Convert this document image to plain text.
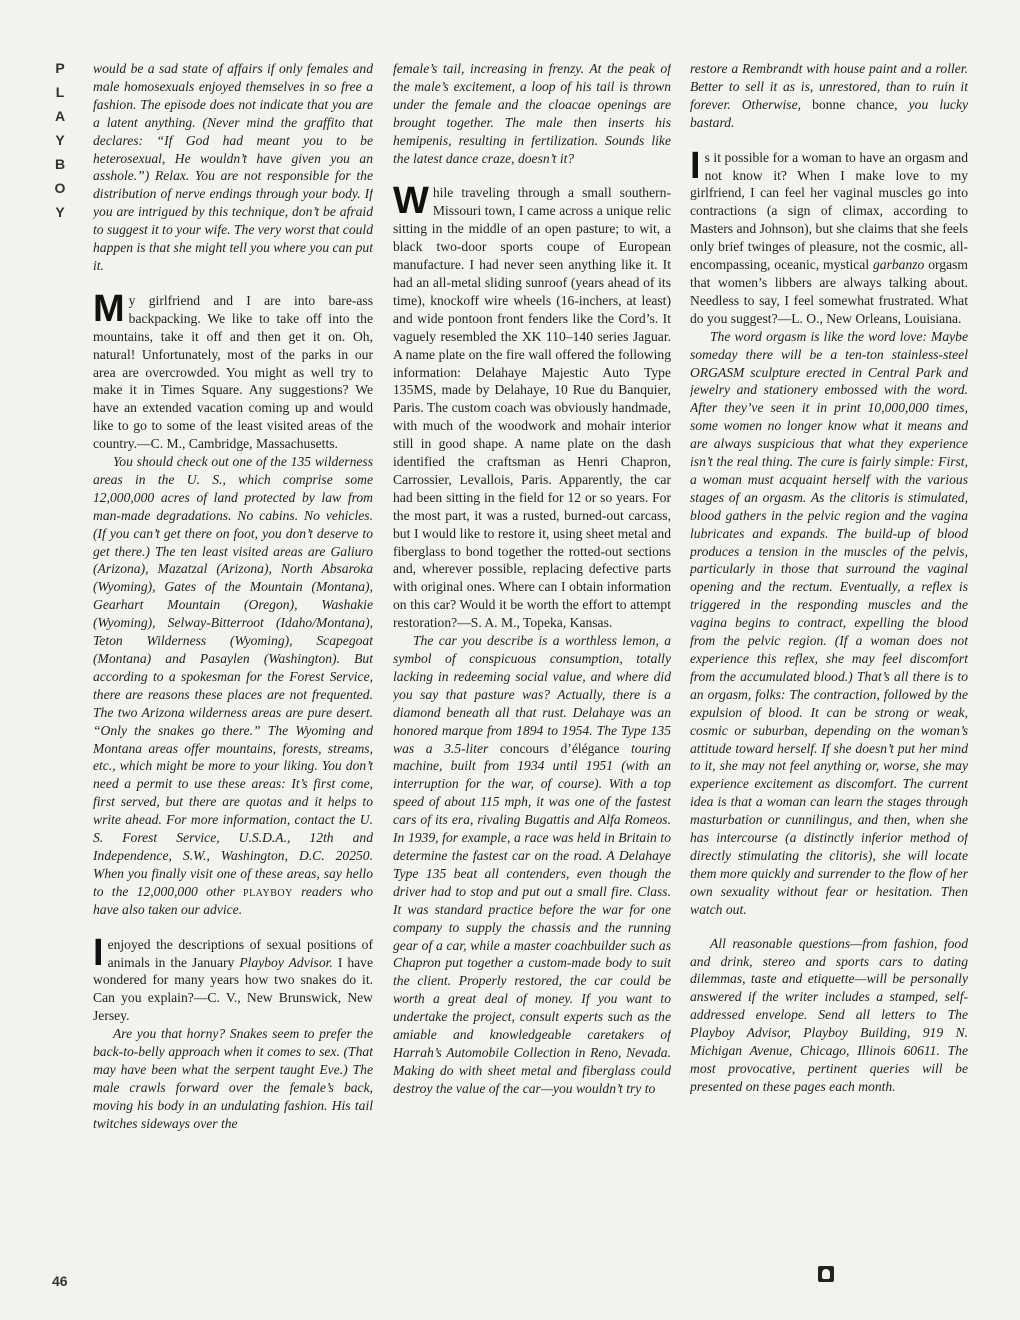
P
L
A
Y
B
O
Y

would be a sad state of affairs if only females and male homosexuals enjoyed themselves in so free a fashion. The episode does not indicate that you are a latent anything. (Never mind the graffito that declares: “If God had meant you to be heterosexual, He wouldn’t have given you an asshole.”) Relax. You are not responsible for the distribution of nerve endings through your body. If you are intrigued by this technique, don’t be afraid to suggest it to your wife. The very worst that could happen is that she might tell you where you can put it.

My girlfriend and I are into bare-ass backpacking. We like to take off into the mountains, take it off and then get it on. Oh, natural! Unfortunately, most of the parks in our area are overcrowded. You might as well try to make it in Times Square. Any suggestions? We have an extended vacation coming up and would like to go to some of the least visited areas of the country.—C. M., Cambridge, Massachusetts.

You should check out one of the 135 wilderness areas in the U. S., which comprise some 12,000,000 acres of land protected by law from man-made degradations. No cabins. No vehicles. (If you can’t get there on foot, you don’t deserve to get there.) The ten least visited areas are Galiuro (Arizona), Mazatzal (Arizona), North Absaroka (Wyoming), Gates of the Mountain (Montana), Gearhart Mountain (Oregon), Washakie (Wyoming), Selway-Bitterroot (Idaho/Montana), Teton Wilderness (Wyoming), Scapegoat (Montana) and Pasaylen (Washington). But according to a spokesman for the Forest Service, there are reasons these places are not frequented. The two Arizona wilderness areas are pure desert. “Only the snakes go there.” The Wyoming and Montana areas offer mountains, forests, streams, etc., which might be more to your liking. You don’t need a permit to use these areas: It’s first come, first served, but there are quotas and it helps to write ahead. For more information, contact the U. S. Forest Service, U.S.D.A., 12th and Independence, S.W., Washington, D.C. 20250. When you finally visit one of these areas, say hello to the 12,000,000 other playboy readers who have also taken our advice.

Ienjoyed the descriptions of sexual positions of animals in the January Playboy Advisor. I have wondered for many years how two snakes do it. Can you explain?—C. V., New Brunswick, New Jersey.

Are you that horny? Snakes seem to prefer the back-to-belly approach when it comes to sex. (That may have been what the serpent taught Eve.) The male crawls forward over the female’s back, moving his body in an undulating fashion. His tail twitches sideways over the

female’s tail, increasing in frenzy. At the peak of the male’s excitement, a loop of his tail is thrown under the female and the cloacae openings are brought together. The male then inserts his hemipenis, resulting in fertilization. Sounds like the latest dance craze, doesn’t it?

While traveling through a small southern-Missouri town, I came across a unique relic sitting in the middle of an open pasture; to wit, a black two-door sports coupe of European manufacture. I had never seen anything like it. It had an all-metal sliding sunroof (years ahead of its time), knockoff wire wheels (16-inchers, at least) and wide pontoon front fenders like the Cord’s. It vaguely resembled the XK 110–140 series Jaguar. A name plate on the fire wall offered the following information: Delahaye Majestic Auto Type 135MS, made by Delahaye, 10 Rue du Banquier, Paris. The custom coach was obviously handmade, with much of the woodwork and mohair interior still in good shape. A name plate on the dash identified the craftsman as Henri Chapron, Carrossier, Levallois, Paris. Apparently, the car had been sitting in the field for 12 or so years. For the most part, it was a rusted, burned-out carcass, but I would like to restore it, using sheet metal and fiberglass to bond together the rotted-out sections and, wherever possible, replacing defective parts with original ones. Where can I obtain information on this car? Would it be worth the effort to attempt restoration?—S. A. M., Topeka, Kansas.

The car you describe is a worthless lemon, a symbol of conspicuous consumption, totally lacking in redeeming social value, and where did you say that pasture was? Actually, there is a diamond beneath all that rust. Delahaye was an honored marque from 1894 to 1954. The Type 135 was a 3.5-liter concours d’élégance touring machine, built from 1934 until 1951 (with an interruption for the war, of course). With a top speed of about 115 mph, it was one of the fastest cars of its era, rivaling Bugattis and Alfa Romeos. In 1939, for example, a race was held in Britain to determine the fastest car on the road. A Delahaye Type 135 beat all contenders, even though the driver had to stop and put out a small fire. Class. It was standard practice before the war for one company to supply the chassis and the running gear of a car, while a master coachbuilder such as Chapron put together a custom-made body to suit the client. Properly restored, the car could be worth a great deal of money. If you want to undertake the project, consult experts such as the amiable and knowledgeable caretakers of Harrah’s Automobile Collection in Reno, Nevada. Making do with sheet metal and fiberglass could destroy the value of the car—you wouldn’t try to

restore a Rembrandt with house paint and a roller. Better to sell it as is, unrestored, than to ruin it forever. Otherwise, bonne chance, you lucky bastard.

Is it possible for a woman to have an orgasm and not know it? When I make love to my girlfriend, I can feel her vaginal muscles go into contractions (a sign of climax, according to Masters and Johnson), but she claims that she feels only brief twinges of pleasure, not the cosmic, all-encompassing, oceanic, mystical garbanzo orgasm that women’s libbers are always talking about. Needless to say, I feel somewhat frustrated. What do you suggest?—L. O., New Orleans, Louisiana.

The word orgasm is like the word love: Maybe someday there will be a ten-ton stainless-steel ORGASM sculpture erected in Central Park and jewelry and stationery embossed with the word. After they’ve seen it in print 10,000,000 times, some women no longer know what it means and are always suspicious that what they experience isn’t the real thing. The cure is fairly simple: First, a woman must acquaint herself with the various stages of an orgasm. As the clitoris is stimulated, blood gathers in the pelvic region and the vagina lubricates and expands. The build-up of blood produces a tension in the muscles of the pelvis, particularly in those that surround the vaginal opening and the rectum. Eventually, a reflex is triggered in the responding muscles and the vagina begins to contract, expelling the blood from the pelvic region. (If a woman does not experience this reflex, she may feel discomfort from the accumulated blood.) That’s all there is to an orgasm, folks: The contraction, followed by the expulsion of blood. It can be strong or weak, cosmic or suburban, depending on the woman’s attitude toward herself. If she doesn’t put her mind to it, she may not feel anything or, worse, she may experience excitement as discomfort. The current idea is that a woman can learn the stages through masturbation or cunnilingus, and then, when she has intercourse (a distinctly inferior method of directly stimulating the clitoris), she will locate them more quickly and surrender to the flow of her own sexuality without fear or hesitation. Then watch out.

All reasonable questions—from fashion, food and drink, stereo and sports cars to dating dilemmas, taste and etiquette—will be personally answered if the writer includes a stamped, self-addressed envelope. Send all letters to The Playboy Advisor, Playboy Building, 919 N. Michigan Avenue, Chicago, Illinois 60611. The most provocative, pertinent queries will be presented on these pages each month.

46
